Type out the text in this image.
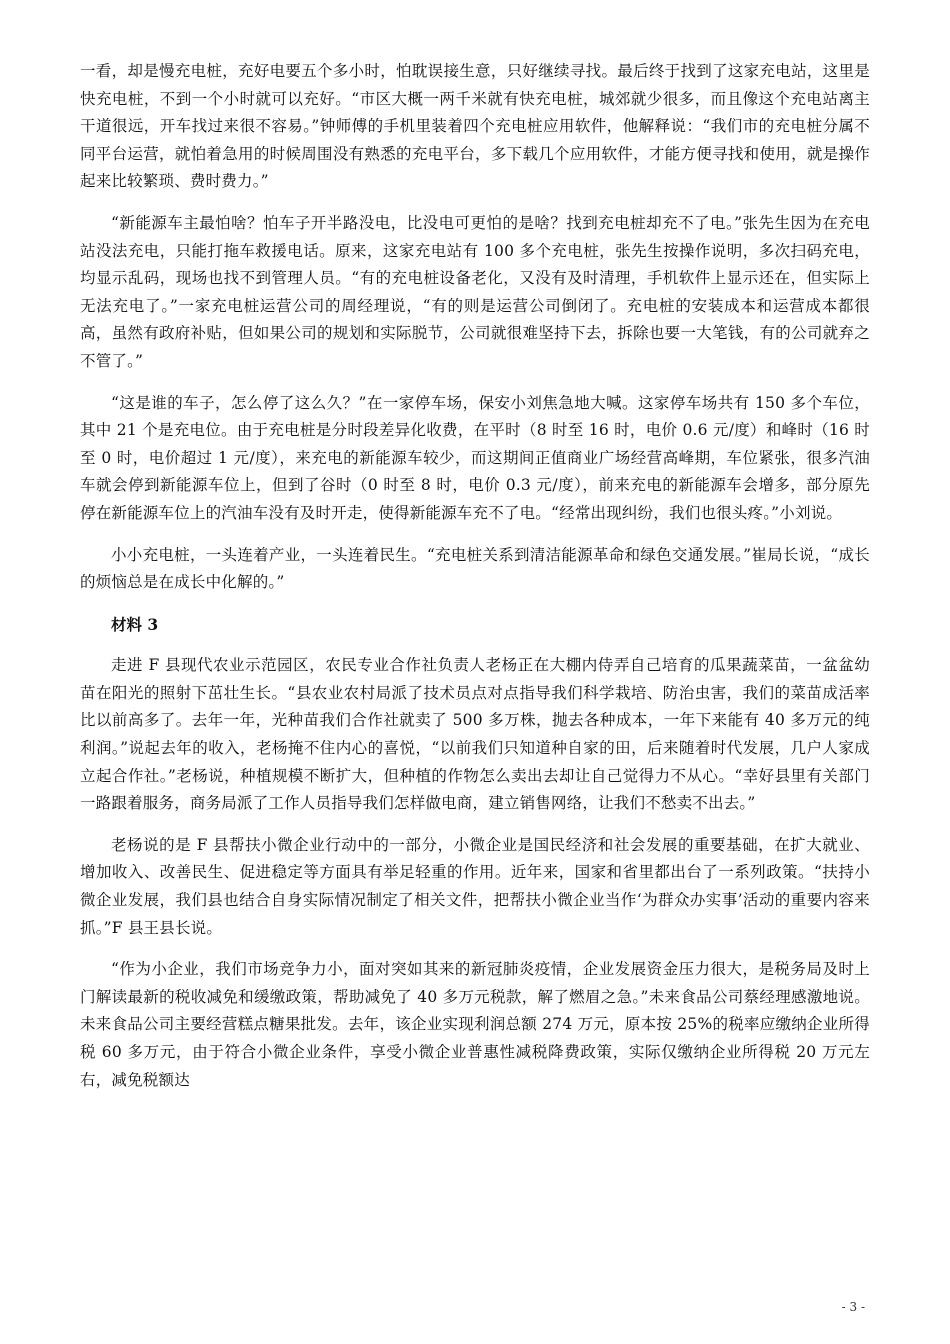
一看，却是慢充电桩，充好电要五个多小时，怕耽误接生意，只好继续寻找。最后终于找到了这家充电站，这里是快充电桩，不到一个小时就可以充好。“市区大概一两千米就有快充电桩，城郊就少很多，而且像这个充电站离主干道很远，开车找过来很不容易。”钟师傅的手机里装着四个充电桩应用软件，他解释说：“我们市的充电桩分属不同平台运营，就怕着急用的时候周围没有熟悉的充电平台，多下载几个应用软件，才能方便寻找和使用，就是操作起来比较繁琐、费时费力。”

“新能源车主最怕啥？怕车子开半路没电，比没电可更怕的是啥？找到充电桩却充不了电。”张先生因为在充电站没法充电，只能打拖车救援电话。原来，这家充电站有 100 多个充电桩，张先生按操作说明，多次扫码充电，均显示乱码，现场也找不到管理人员。“有的充电桩设备老化，又没有及时清理，手机软件上显示还在，但实际上无法充电了。”一家充电桩运营公司的周经理说，“有的则是运营公司倒闭了。充电桩的安装成本和运营成本都很高，虽然有政府补贴，但如果公司的规划和实际脱节，公司就很难坚持下去，拆除也要一大笔钱，有的公司就弃之不管了。”

“这是谁的车子，怎么停了这么久？”在一家停车场，保安小刘焦急地大喊。这家停车场共有 150 多个车位，其中 21 个是充电位。由于充电桩是分时段差异化收费，在平时（8 时至 16 时，电价 0.6 元/度）和峰时（16 时至 0 时，电价超过 1 元/度），来充电的新能源车较少，而这期间正值商业广场经营高峰期，车位紧张，很多汽油车就会停到新能源车位上，但到了谷时（0 时至 8 时，电价 0.3 元/度），前来充电的新能源车会增多，部分原先停在新能源车位上的汽油车没有及时开走，使得新能源车充不了电。“经常出现纠纷，我们也很头疼。”小刘说。

小小充电桩，一头连着产业，一头连着民生。“充电桩关系到清洁能源革命和绿色交通发展。”崔局长说，“成长的烦恼总是在成长中化解的。”

材料 3

走进 F 县现代农业示范园区，农民专业合作社负责人老杨正在大棚内侍弄自己培育的瓜果蔬菜苗，一盆盆幼苗在阳光的照射下茁壮生长。“县农业农村局派了技术员点对点指导我们科学栽培、防治虫害，我们的菜苗成活率比以前高多了。去年一年，光种苗我们合作社就卖了 500 多万株，抛去各种成本，一年下来能有 40 多万元的纯利润。”说起去年的收入，老杨掩不住内心的喜悦，“以前我们只知道种自家的田，后来随着时代发展，几户人家成立起合作社。”老杨说，种植规模不断扩大，但种植的作物怎么卖出去却让自己觉得力不从心。“幸好县里有关部门一路跟着服务，商务局派了工作人员指导我们怎样做电商，建立销售网络，让我们不愁卖不出去。”

老杨说的是 F 县帮扶小微企业行动中的一部分，小微企业是国民经济和社会发展的重要基础，在扩大就业、增加收入、改善民生、促进稳定等方面具有举足轻重的作用。近年来，国家和省里都出台了一系列政策。“扶持小微企业发展，我们县也结合自身实际情况制定了相关文件，把帮扶小微企业当作‘为群众办实事’活动的重要内容来抓。”F 县王县长说。

“作为小企业，我们市场竞争力小，面对突如其来的新冠肺炎疫情，企业发展资金压力很大，是税务局及时上门解读最新的税收减免和缓缴政策，帮助减免了 40 多万元税款，解了燃眉之急。”未来食品公司蔡经理感激地说。未来食品公司主要经营糕点糖果批发。去年，该企业实现利润总额 274 万元，原本按 25%的税率应缴纳企业所得税 60 多万元，由于符合小微企业条件，享受小微企业普惠性减税降费政策，实际仅缴纳企业所得税 20 万元左右，减免税额达

- 3 -
